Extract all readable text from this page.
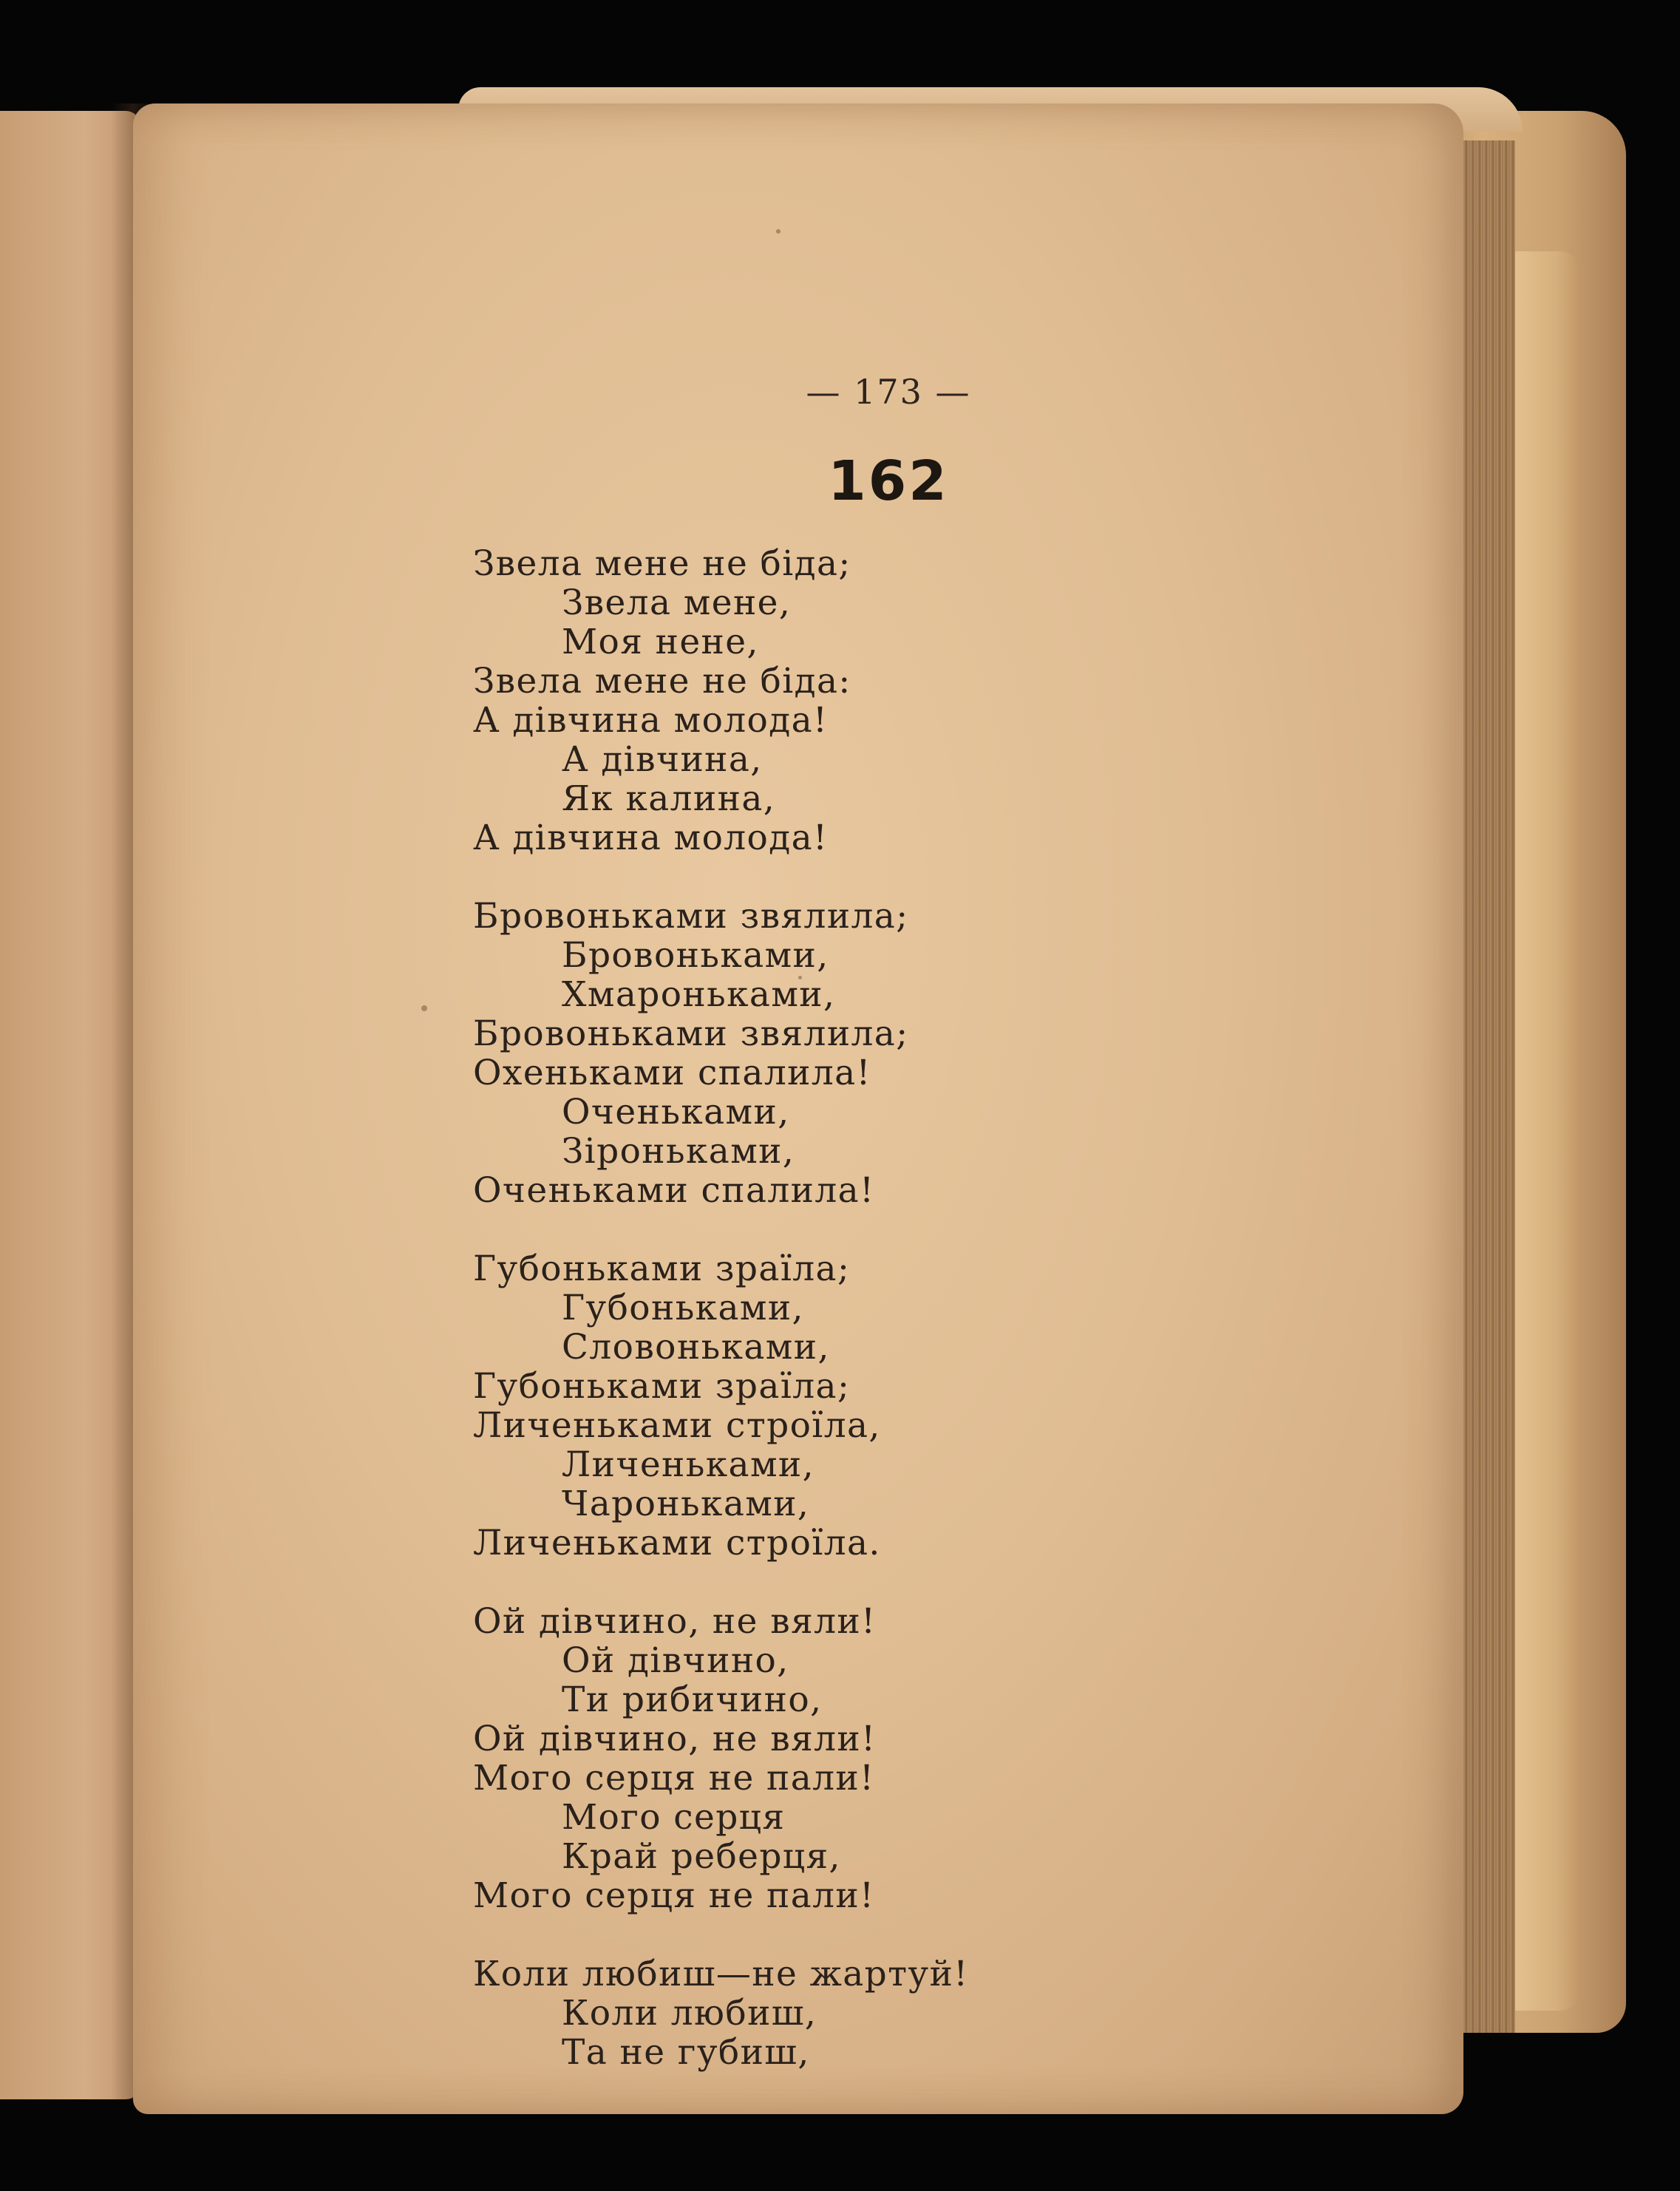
— 173 —
162
Звела мене не біда;
Звела мене,
Моя нене,
Звела мене не біда:
А дівчина молода!
А дівчина,
Як калина,
А дівчина молода!
Бровоньками звялила;
Бровоньками,
Хмароньками,
Бровоньками звялила;
Охеньками спалила!
Оченьками,
Зіроньками,
Оченьками спалила!
Губоньками зраїла;
Губоньками,
Словоньками,
Губоньками зраїла;
Личеньками строїла,
Личеньками,
Чароньками,
Личеньками строїла.
Ой дівчино, не вяли!
Ой дівчино,
Ти рибичино,
Ой дівчино, не вяли!
Мого серця не пали!
Мого серця
Край реберця,
Мого серця не пали!
Коли любиш—не жартуй!
Коли любиш,
Та не губиш,
